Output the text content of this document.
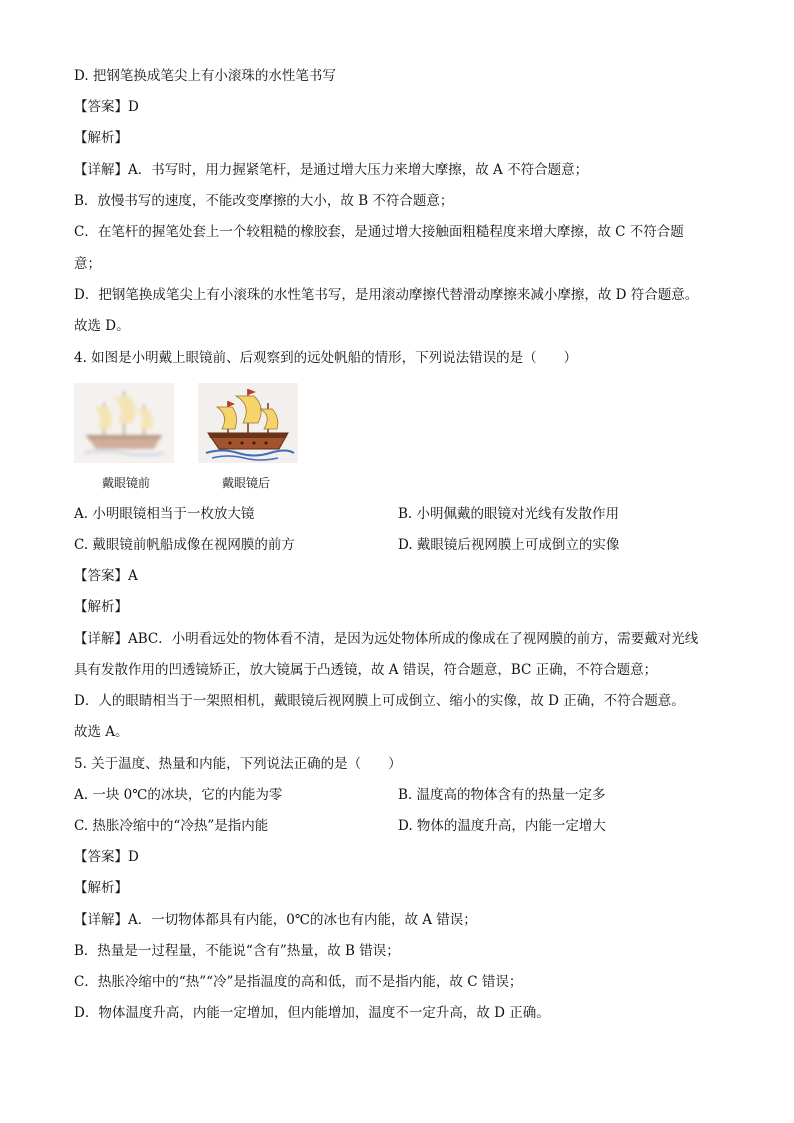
D. 把钢笔换成笔尖上有小滚珠的水性笔书写
【答案】D
【解析】
【详解】A．书写时，用力握紧笔杆，是通过增大压力来增大摩擦，故 A 不符合题意；
B．放慢书写的速度，不能改变摩擦的大小，故 B 不符合题意；
C．在笔杆的握笔处套上一个较粗糙的橡胶套，是通过增大接触面粗糙程度来增大摩擦，故 C 不符合题
意；
D．把钢笔换成笔尖上有小滚珠的水性笔书写，是用滚动摩擦代替滑动摩擦来减小摩擦，故 D 符合题意。
故选 D。
4. 如图是小明戴上眼镜前、后观察到的远处帆船的情形，下列说法错误的是（　　）
戴眼镜前	戴眼镜后
A. 小明眼镜相当于一枚放大镜	B. 小明佩戴的眼镜对光线有发散作用
C. 戴眼镜前帆船成像在视网膜的前方	D. 戴眼镜后视网膜上可成倒立的实像
【答案】A
【解析】
【详解】ABC．小明看远处的物体看不清，是因为远处物体所成的像成在了视网膜的前方，需要戴对光线
具有发散作用的凹透镜矫正，放大镜属于凸透镜，故 A 错误，符合题意，BC 正确，不符合题意；
D．人的眼睛相当于一架照相机，戴眼镜后视网膜上可成倒立、缩小的实像，故 D 正确，不符合题意。
故选 A。
5. 关于温度、热量和内能，下列说法正确的是（　　）
A. 一块 0℃的冰块，它的内能为零	B. 温度高的物体含有的热量一定多
C. 热胀冷缩中的“冷热”是指内能	D. 物体的温度升高，内能一定增大
【答案】D
【解析】
【详解】A．一切物体都具有内能，0℃的冰也有内能，故 A 错误；
B．热量是一过程量，不能说“含有”热量，故 B 错误；
C．热胀冷缩中的“热”“冷”是指温度的高和低，而不是指内能，故 C 错误；
D．物体温度升高，内能一定增加，但内能增加，温度不一定升高，故 D 正确。
